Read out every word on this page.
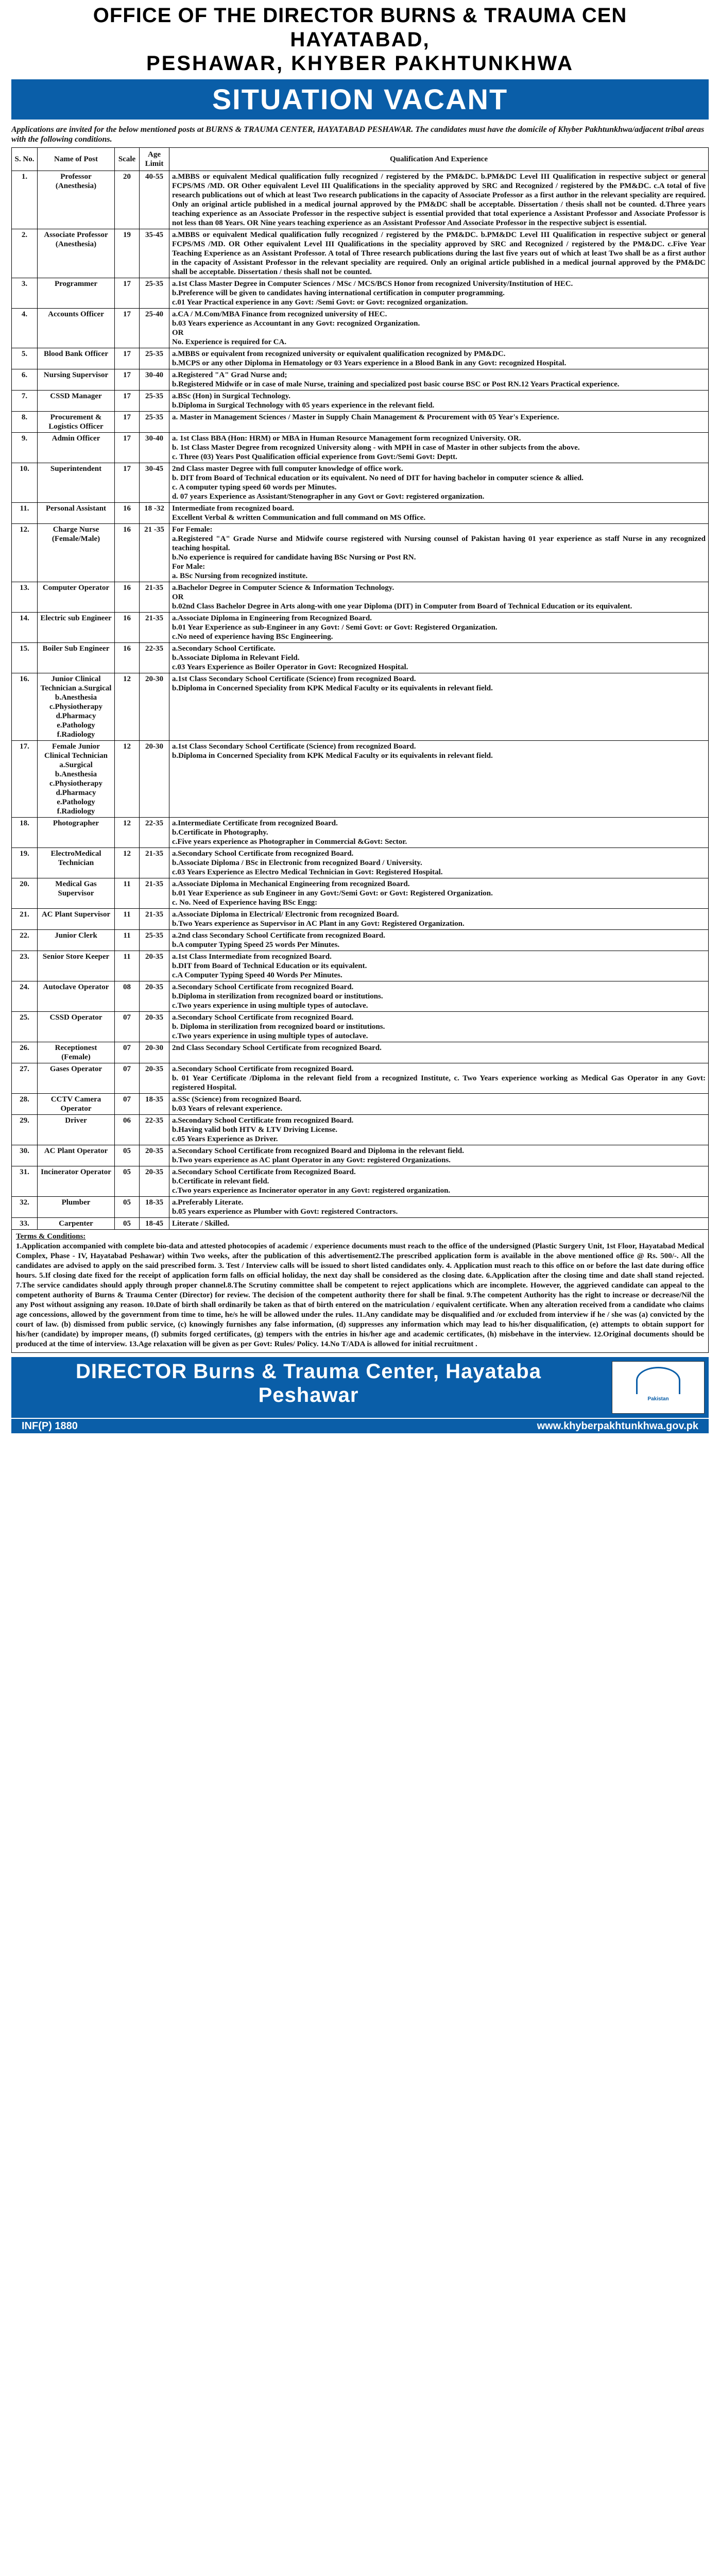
OFFICE OF THE DIRECTOR BURNS & TRAUMA CEN
HAYATABAD,
PESHAWAR, KHYBER PAKHTUNKHWA
SITUATION VACANT
Applications are invited for the below mentioned posts at BURNS & TRAUMA CENTER, HAYATABAD PESHAWAR. The candidates must have the domicile of Khyber Pakhtunkhwa/adjacent tribal areas with the following conditions.
S. No.	Name of Post	Scale	Age Limit	Qualification And Experience
1.	Professor (Anesthesia)	20	40-55	a.MBBS or equivalent Medical qualification fully recognized / registered by the PM&DC. b.PM&DC Level III Qualification in respective subject or general FCPS/MS /MD. OR Other equivalent Level III Qualifications in the speciality approved by SRC and Recognized / registered by the PM&DC. c.A total of five research publications out of which at least Two research publications in the capacity of Associate Professor as a first author in the relevant speciality are required. Only an original article published in a medical journal approved by the PM&DC shall be acceptable. Dissertation / thesis shall not be counted. d.Three years teaching experience as an Associate Professor in the respective subject is essential provided that total experience a Assistant Professor and Associate Professor is not less than 08 Years. OR Nine years teaching experience as an Assistant Professor And Associate Professor in the respective subject is essential.

2.	Associate Professor (Anesthesia)	19	35-45	a.MBBS or equivalent Medical qualification fully recognized / registered by the PM&DC. b.PM&DC Level III Qualification in respective subject or general FCPS/MS /MD. OR Other equivalent Level III Qualifications in the speciality approved by SRC and Recognized / registered by the PM&DC. c.Five Year Teaching Experience as an Assistant Professor. A total of Three research publications during the last five years out of which at least Two shall be as a first author in the capacity of Assistant Professor in the relevant speciality are required. Only an original article published in a medical journal approved by the PM&DC shall be acceptable. Dissertation / thesis shall not be counted.

3.	Programmer	17	25-35	a.1st Class Master Degree in Computer Sciences / MSc / MCS/BCS Honor from recognized University/Institution of HEC.
b.Preference will be given to candidates having international certification in computer programming.
c.01 Year Practical experience in any Govt: /Semi Govt: or Govt: recognized organization.

4.	Accounts Officer	17	25-40	a.CA / M.Com/MBA Finance from recognized university of HEC.
b.03 Years experience as Accountant in any Govt: recognized Organization.
OR
No. Experience is required for CA.

5.	Blood Bank Officer	17	25-35	a.MBBS or equivalent from recognized university or equivalent qualification recognized by PM&DC.
b.MCPS or any other Diploma in Hematology or 03 Years experience in a Blood Bank in any Govt: recognized Hospital.

6.	Nursing Supervisor	17	30-40	a.Registered "A" Grad Nurse and;
b.Registered Midwife or in case of male Nurse, training and specialized post basic course BSC or Post RN.12 Years Practical experience.

7.	CSSD Manager	17	25-35	a.BSc (Hon) in Surgical Technology.
b.Diploma in Surgical Technology with 05 years experience in the relevant field.

8.	Procurement & Logistics Officer	17	25-35	a. Master in Management Sciences / Master in Supply Chain Management & Procurement with 05 Year's Experience.

9.	Admin Officer	17	30-40	a. 1st Class BBA (Hon: HRM) or MBA in Human Resource Management form recognized University. OR.
b. 1st Class Master Degree from recognized University along - with MPH in case of Master in other subjects from the above.
c. Three (03) Years Post Qualification official experience from Govt:/Semi Govt: Deptt.

10.	Superintendent	17	30-45	2nd Class master Degree with full computer knowledge of office work.
b. DIT from Board of Technical education or its equivalent. No need of DIT for having bachelor in computer science & allied.
c. A computer typing speed 60 words per Minutes.
d. 07 years Experience as Assistant/Stenographer in any Govt or Govt: registered organization.

11.	Personal Assistant	16	18 -32	Intermediate from recognized board.
Excellent Verbal & written Communication and full command on MS Office.

12.	Charge Nurse (Female/Male)	16	21 -35	For Female:
a.Registered "A" Grade Nurse and Midwife course registered with Nursing counsel of Pakistan having 01 year experience as staff Nurse in any recognized teaching hospital.
b.No experience is required for candidate having BSc Nursing or Post RN.
For Male:
a. BSc Nursing from recognized institute.

13.	Computer Operator	16	21-35	a.Bachelor Degree in Computer Science & Information Technology.
OR
b.02nd Class Bachelor Degree in Arts along-with one year Diploma (DIT) in Computer from Board of Technical Education or its equivalent.

14.	Electric sub Engineer	16	21-35	a.Associate Diploma in Engineering from Recognized Board.
b.01 Year Experience as sub-Engineer in any Govt: / Semi Govt: or Govt: Registered Organization.
c.No need of experience having BSc Engineering.

15.	Boiler Sub Engineer	16	22-35	a.Secondary School Certificate.
b.Associate Diploma in Relevant Field.
c.03 Years Experience as Boiler Operator in Govt: Recognized Hospital.

16.	Junior Clinical Technician a.Surgical b.Anesthesia c.Physiotherapy d.Pharmacy e.Pathology f.Radiology	12	20-30	a.1st Class Secondary School Certificate (Science) from recognized Board.
b.Diploma in Concerned Speciality from KPK Medical Faculty or its equivalents in relevant field.

17.	Female Junior Clinical Technician a.Surgical b.Anesthesia c.Physiotherapy d.Pharmacy e.Pathology f.Radiology	12	20-30	a.1st Class Secondary School Certificate (Science) from recognized Board.
b.Diploma in Concerned Speciality from KPK Medical Faculty or its equivalents in relevant field.

18.	Photographer	12	22-35	a.Intermediate Certificate from recognized Board.
b.Certificate in Photography.
c.Five years experience as Photographer in Commercial &Govt: Sector.

19.	ElectroMedical Technician	12	21-35	a.Secondary School Certificate from recognized Board.
b.Associate Diploma / BSc in Electronic from recognized Board / University.
c.03 Years Experience as Electro Medical Technician in Govt: Registered Hospital.

20.	Medical Gas Supervisor	11	21-35	a.Associate Diploma in Mechanical Engineering from recognized Board.
b.01 Year Experience as sub Engineer in any Govt:/Semi Govt: or Govt: Registered Organization.
c. No. Need of Experience having BSc Engg:

21.	AC Plant Supervisor	11	21-35	a.Associate Diploma in Electrical/ Electronic from recognized Board.
b.Two Years experience as Supervisor in AC Plant in any Govt: Registered Organization.

22.	Junior Clerk	11	25-35	a.2nd class Secondary School Certificate from recognized Board.
b.A computer Typing Speed 25 words Per Minutes.

23.	Senior Store Keeper	11	20-35	a.1st Class Intermediate from recognized Board.
b.DIT from Board of Technical Education or its equivalent.
c.A Computer Typing Speed 40 Words Per Minutes.

24.	Autoclave Operator	08	20-35	a.Secondary School Certificate from recognized Board.
b.Diploma in sterilization from recognized board or institutions.
c.Two years experience in using multiple types of autoclave.

25.	CSSD Operator	07	20-35	a.Secondary School Certificate from recognized Board.
b. Diploma in sterilization from recognized board or institutions.
c.Two years experience in using multiple types of autoclave.

26.	Receptionest (Female)	07	20-30	2nd Class Secondary School Certificate from recognized Board.

27.	Gases Operator	07	20-35	a.Secondary School Certificate from recognized Board.
b. 01 Year Certificate /Diploma in the relevant field from a recognized Institute, c. Two Years experience working as Medical Gas Operator in any Govt: registered Hospital.

28.	CCTV Camera Operator	07	18-35	a.SSc (Science) from recognized Board.
b.03 Years of relevant experience.

29.	Driver	06	22-35	a.Secondary School Certificate from recognized Board.
b.Having valid both HTV & LTV Driving License.
c.05 Years Experience as Driver.

30.	AC Plant Operator	05	20-35	a.Secondary School Certificate from recognized Board and Diploma in the relevant field.
b.Two years experience as AC plant Operator in any Govt: registered Organizations.

31.	Incinerator Operator	05	20-35	a.Secondary School Certificate from Recognized Board.
b.Certificate in relevant field.
c.Two years experience as Incinerator operator in any Govt: registered organization.

32.	Plumber	05	18-35	a.Preferably Literate.
b.05 years experience as Plumber with Govt: registered Contractors.

33.	Carpenter	05	18-45	Literate / Skilled.
Terms & Conditions:
1.Application accompanied with complete bio-data and attested photocopies of academic / experience documents must reach to the office of the undersigned (Plastic Surgery Unit, 1st Floor, Hayatabad Medical Complex, Phase - IV, Hayatabad Peshawar) within Two weeks, after the publication of this advertisement2.The prescribed application form is available in the above mentioned office @ Rs. 500/-. All the candidates are advised to apply on the said prescribed form. 3. Test / Interview calls will be issued to short listed candidates only. 4. Application must reach to this office on or before the last date during office hours. 5.If closing date fixed for the receipt of application form falls on official holiday, the next day shall be considered as the closing date. 6.Application after the closing time and date shall stand rejected. 7.The service candidates should apply through proper channel.8.The Scrutiny committee shall be competent to reject applications which are incomplete. However, the aggrieved candidate can appeal to the competent authority of Burns & Trauma Center (Director) for review. The decision of the competent authority there for shall be final. 9.The competent Authority has the right to increase or decrease/Nil the any Post without assigning any reason. 10.Date of birth shall ordinarily be taken as that of birth entered on the matriculation / equivalent certificate. When any alteration received from a candidate who claims age concessions, allowed by the government from time to time, he/s he will be allowed under the rules. 11.Any candidate may be disqualified and /or excluded from interview if he / she was (a) convicted by the court of law. (b) dismissed from public service, (c) knowingly furnishes any false information, (d) suppresses any information which may lead to his/her disqualification, (e) attempts to obtain support for his/her (candidate) by improper means, (f) submits forged certificates, (g) tempers with the entries in his/her age and academic certificates, (h) misbehave in the interview. 12.Original documents should be produced at the time of interview. 13.Age relaxation will be given as per Govt: Rules/ Policy. 14.No T/ADA is allowed for initial recruitment .
DIRECTOR Burns & Trauma Center, Hayataba
Peshawar	Pakistan
INF(P) 1880	www.khyberpakhtunkhwa.gov.pk
